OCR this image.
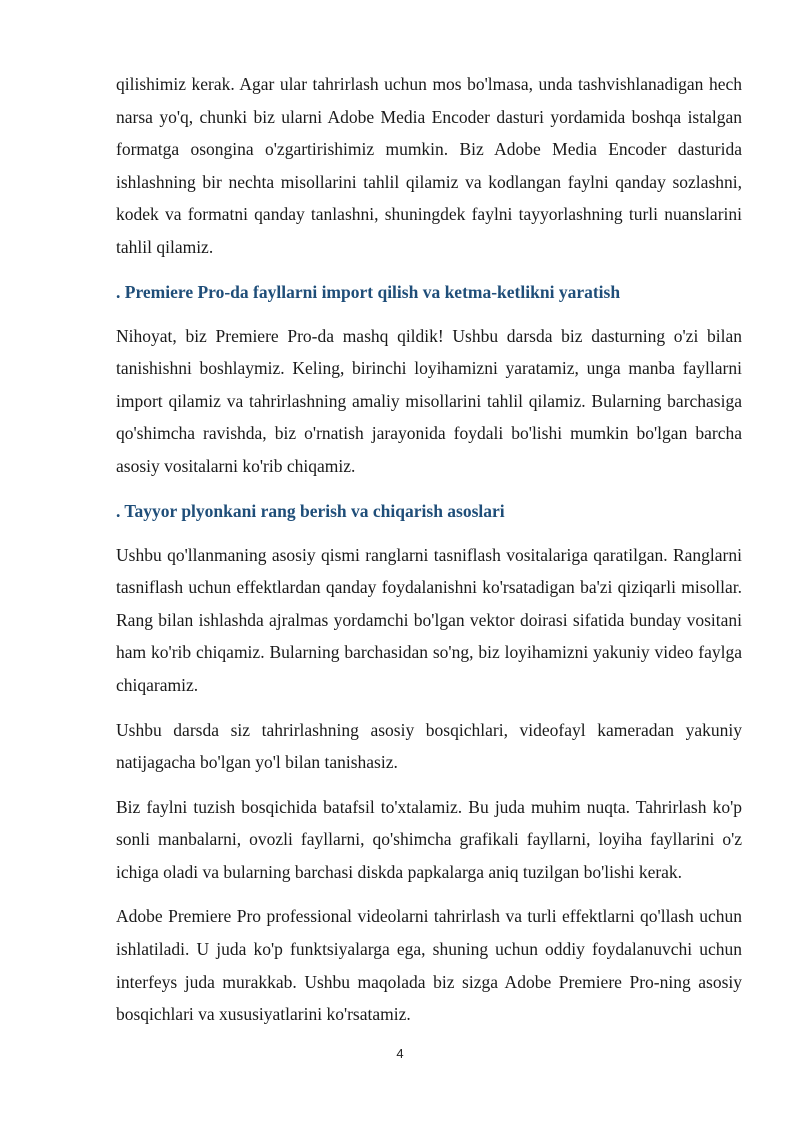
qilishimiz kerak. Agar ular tahrirlash uchun mos bo'lmasa, unda tashvishlanadigan hech narsa yo'q, chunki biz ularni Adobe Media Encoder dasturi yordamida boshqa istalgan formatga osongina o'zgartirishimiz mumkin. Biz Adobe Media Encoder dasturida ishlashning bir nechta misollarini tahlil qilamiz va kodlangan faylni qanday sozlashni, kodek va formatni qanday tanlashni, shuningdek faylni tayyorlashning turli nuanslarini tahlil qilamiz.

. Premiere Pro-da fayllarni import qilish va ketma-ketlikni yaratish

Nihoyat, biz Premiere Pro-da mashq qildik! Ushbu darsda biz dasturning o'zi bilan tanishishni boshlaymiz. Keling, birinchi loyihamizni yaratamiz, unga manba fayllarni import qilamiz va tahrirlashning amaliy misollarini tahlil qilamiz. Bularning barchasiga qo'shimcha ravishda, biz o'rnatish jarayonida foydali bo'lishi mumkin bo'lgan barcha asosiy vositalarni ko'rib chiqamiz.

. Tayyor plyonkani rang berish va chiqarish asoslari

Ushbu qo'llanmaning asosiy qismi ranglarni tasniflash vositalariga qaratilgan. Ranglarni tasniflash uchun effektlardan qanday foydalanishni ko'rsatadigan ba'zi qiziqarli misollar. Rang bilan ishlashda ajralmas yordamchi bo'lgan vektor doirasi sifatida bunday vositani ham ko'rib chiqamiz. Bularning barchasidan so'ng, biz loyihamizni yakuniy video faylga chiqaramiz.

Ushbu darsda siz tahrirlashning asosiy bosqichlari, videofayl kameradan yakuniy natijagacha bo'lgan yo'l bilan tanishasiz.

Biz faylni tuzish bosqichida batafsil to'xtalamiz. Bu juda muhim nuqta. Tahrirlash ko'p sonli manbalarni, ovozli fayllarni, qo'shimcha grafikali fayllarni, loyiha fayllarini o'z ichiga oladi va bularning barchasi diskda papkalarga aniq tuzilgan bo'lishi kerak.

Adobe Premiere Pro professional videolarni tahrirlash va turli effektlarni qo'llash uchun ishlatiladi. U juda ko'p funktsiyalarga ega, shuning uchun oddiy foydalanuvchi uchun interfeys juda murakkab. Ushbu maqolada biz sizga Adobe Premiere Pro-ning asosiy bosqichlari va xususiyatlarini ko'rsatamiz.

4
